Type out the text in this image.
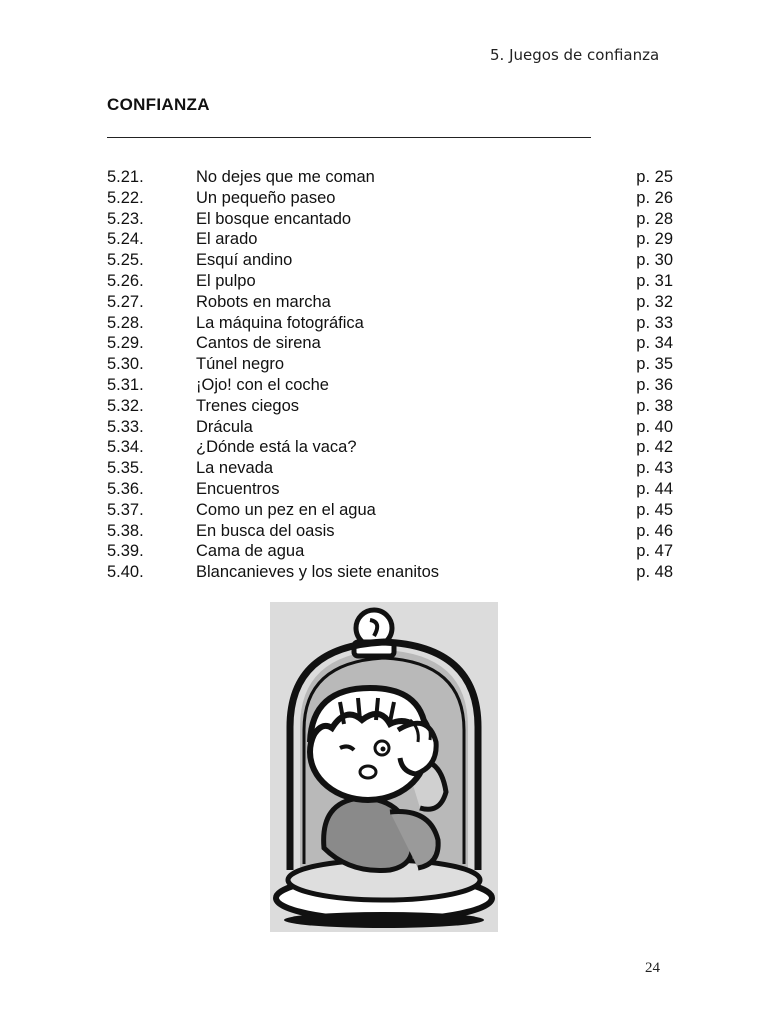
5. Juegos de confianza
CONFIANZA
5.21.	No dejes que me coman	p. 25
5.22.	Un pequeño paseo	p. 26
5.23.	El bosque encantado	p. 28
5.24.	El arado	p. 29
5.25.	Esquí andino	p. 30
5.26.	El pulpo	p. 31
5.27.	Robots en marcha	p. 32
5.28.	La máquina fotográfica	p. 33
5.29.	Cantos de sirena	p. 34
5.30.	Túnel negro	p. 35
5.31.	¡Ojo! con el coche	p. 36
5.32.	Trenes ciegos	p. 38
5.33.	Drácula	p. 40
5.34.	¿Dónde está la vaca?	p. 42
5.35.	La nevada	p. 43
5.36.	Encuentros	p. 44
5.37.	Como un pez en el agua	p. 45
5.38.	En busca del oasis	p. 46
5.39.	Cama de agua	p. 47
5.40.	Blancanieves y los siete enanitos	p. 48
24
